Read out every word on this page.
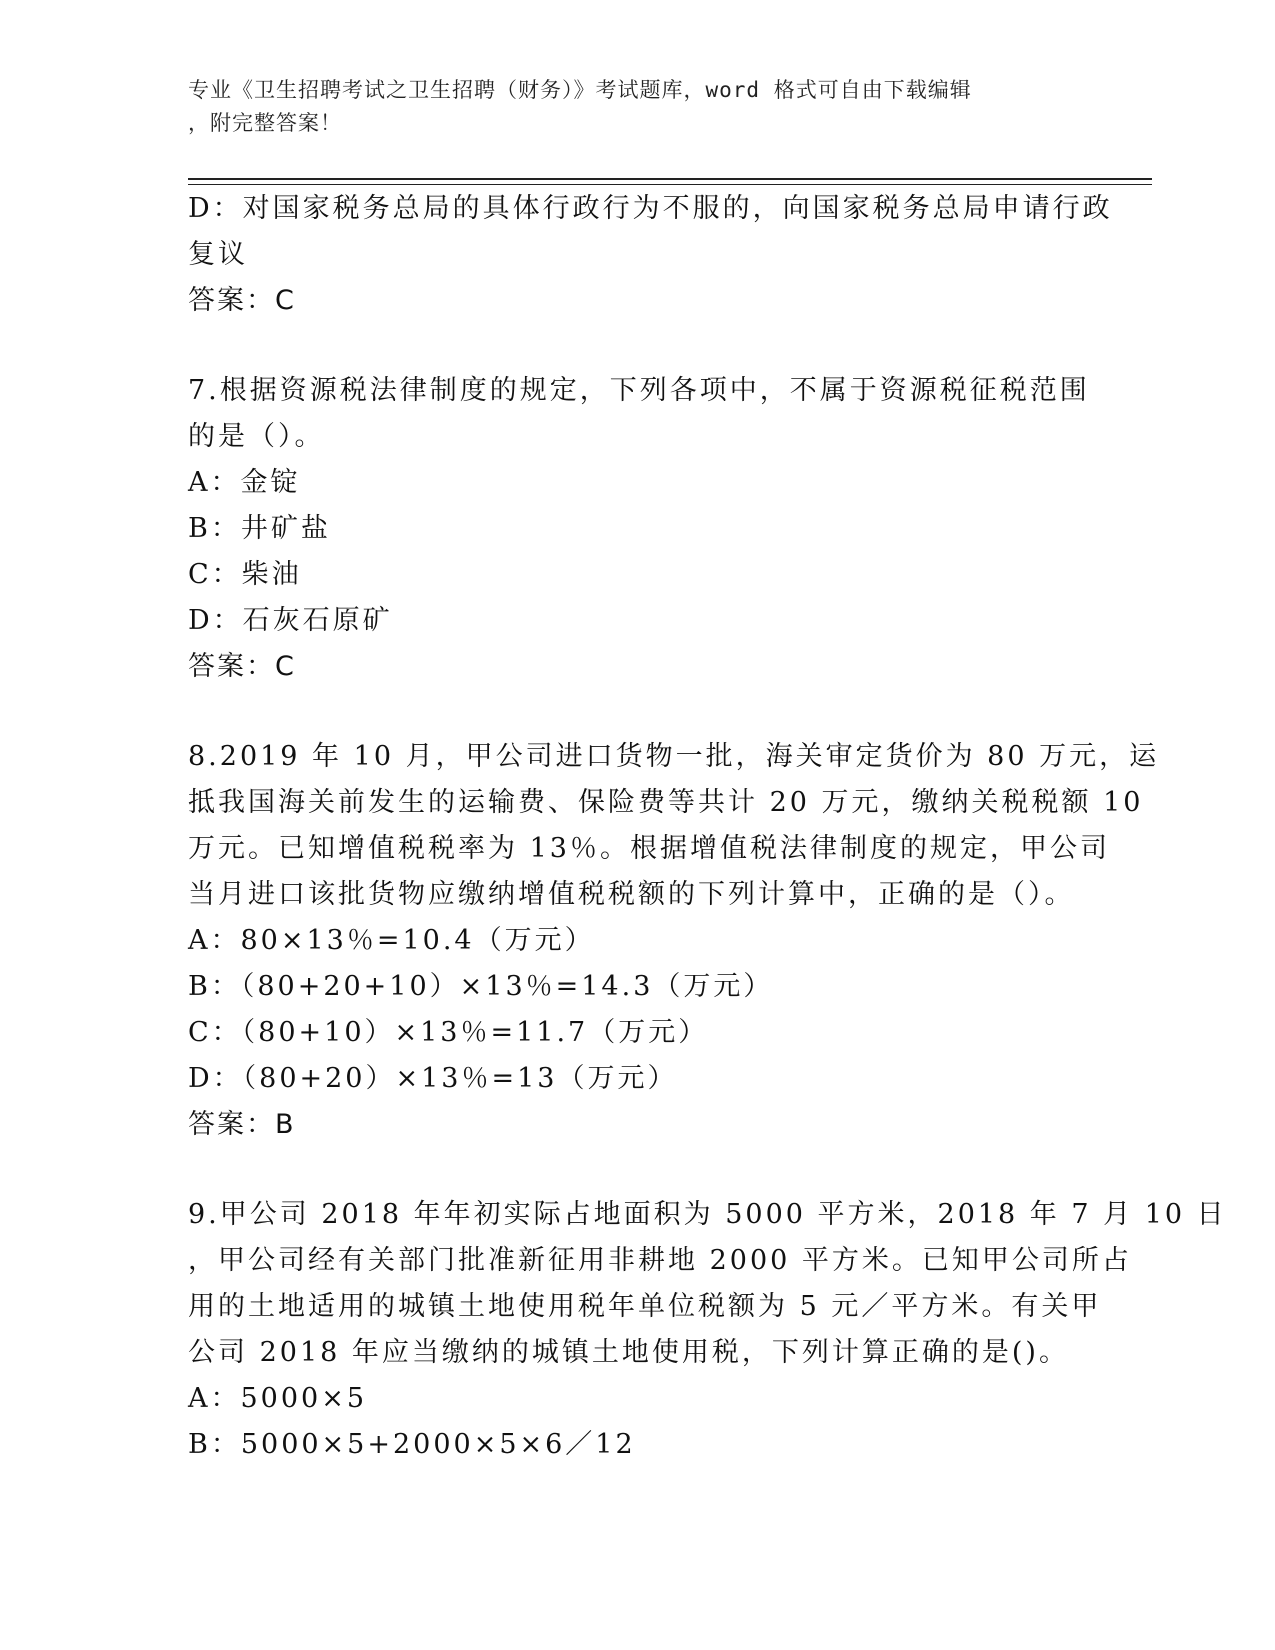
专业《卫生招聘考试之卫生招聘（财务）》考试题库，word 格式可自由下载编辑
，附完整答案！
D：对国家税务总局的具体行政行为不服的，向国家税务总局申请行政
复议
答案：C
7.根据资源税法律制度的规定，下列各项中，不属于资源税征税范围
的是（）。
A：金锭
B：井矿盐
C：柴油
D：石灰石原矿
答案：C
8.2019 年 10 月，甲公司进口货物一批，海关审定货价为 80 万元，运
抵我国海关前发生的运输费、保险费等共计 20 万元，缴纳关税税额 10
万元。已知增值税税率为 13％。根据增值税法律制度的规定，甲公司
当月进口该批货物应缴纳增值税税额的下列计算中，正确的是（）。
A：80×13％=10.4（万元）
B：（80+20+10）×13％=14.3（万元）
C：（80+10）×13％=11.7（万元）
D：（80+20）×13％=13（万元）
答案：B
9.甲公司 2018 年年初实际占地面积为 5000 平方米，2018 年 7 月 10 日
，甲公司经有关部门批准新征用非耕地 2000 平方米。已知甲公司所占
用的土地适用的城镇土地使用税年单位税额为 5 元／平方米。有关甲
公司 2018 年应当缴纳的城镇土地使用税，下列计算正确的是()。
A：5000×5
B：5000×5+2000×5×6／12
